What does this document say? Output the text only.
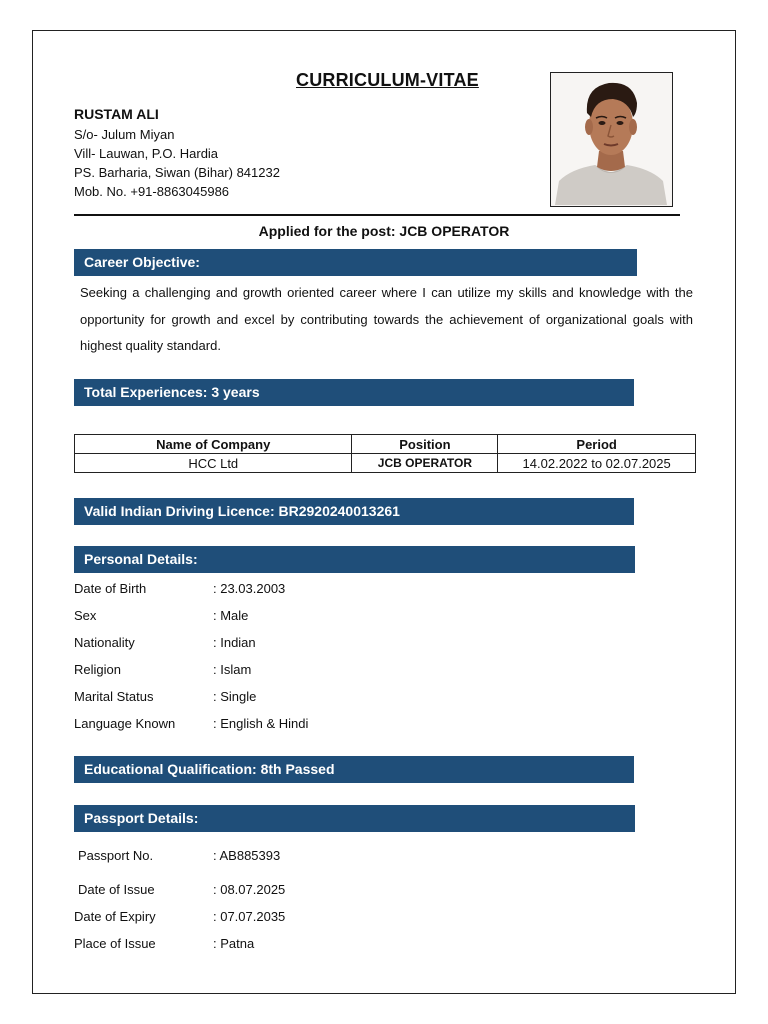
CURRICULUM-VITAE
RUSTAM ALI
S/o- Julum Miyan
Vill- Lauwan, P.O. Hardia
PS. Barharia, Siwan (Bihar) 841232
Mob. No. +91-8863045986
Applied for the post: JCB OPERATOR
Career Objective:
Seeking a challenging and growth oriented career where I can utilize my skills and knowledge with the opportunity for growth and excel by contributing towards the achievement of organizational goals with highest quality standard.
Total Experiences: 3 years
Name of Company	Position	Period
HCC Ltd	JCB OPERATOR	14.02.2022 to 02.07.2025
Valid Indian Driving Licence: BR2920240013261
Personal Details:
Date of Birth	: 23.03.2003
Sex	: Male
Nationality	: Indian
Religion	: Islam
Marital Status	: Single
Language Known	: English & Hindi
Educational Qualification: 8th Passed
Passport Details:
Passport No.	: AB885393
Date of Issue	: 08.07.2025
Date of Expiry	: 07.07.2035
Place of Issue	: Patna
